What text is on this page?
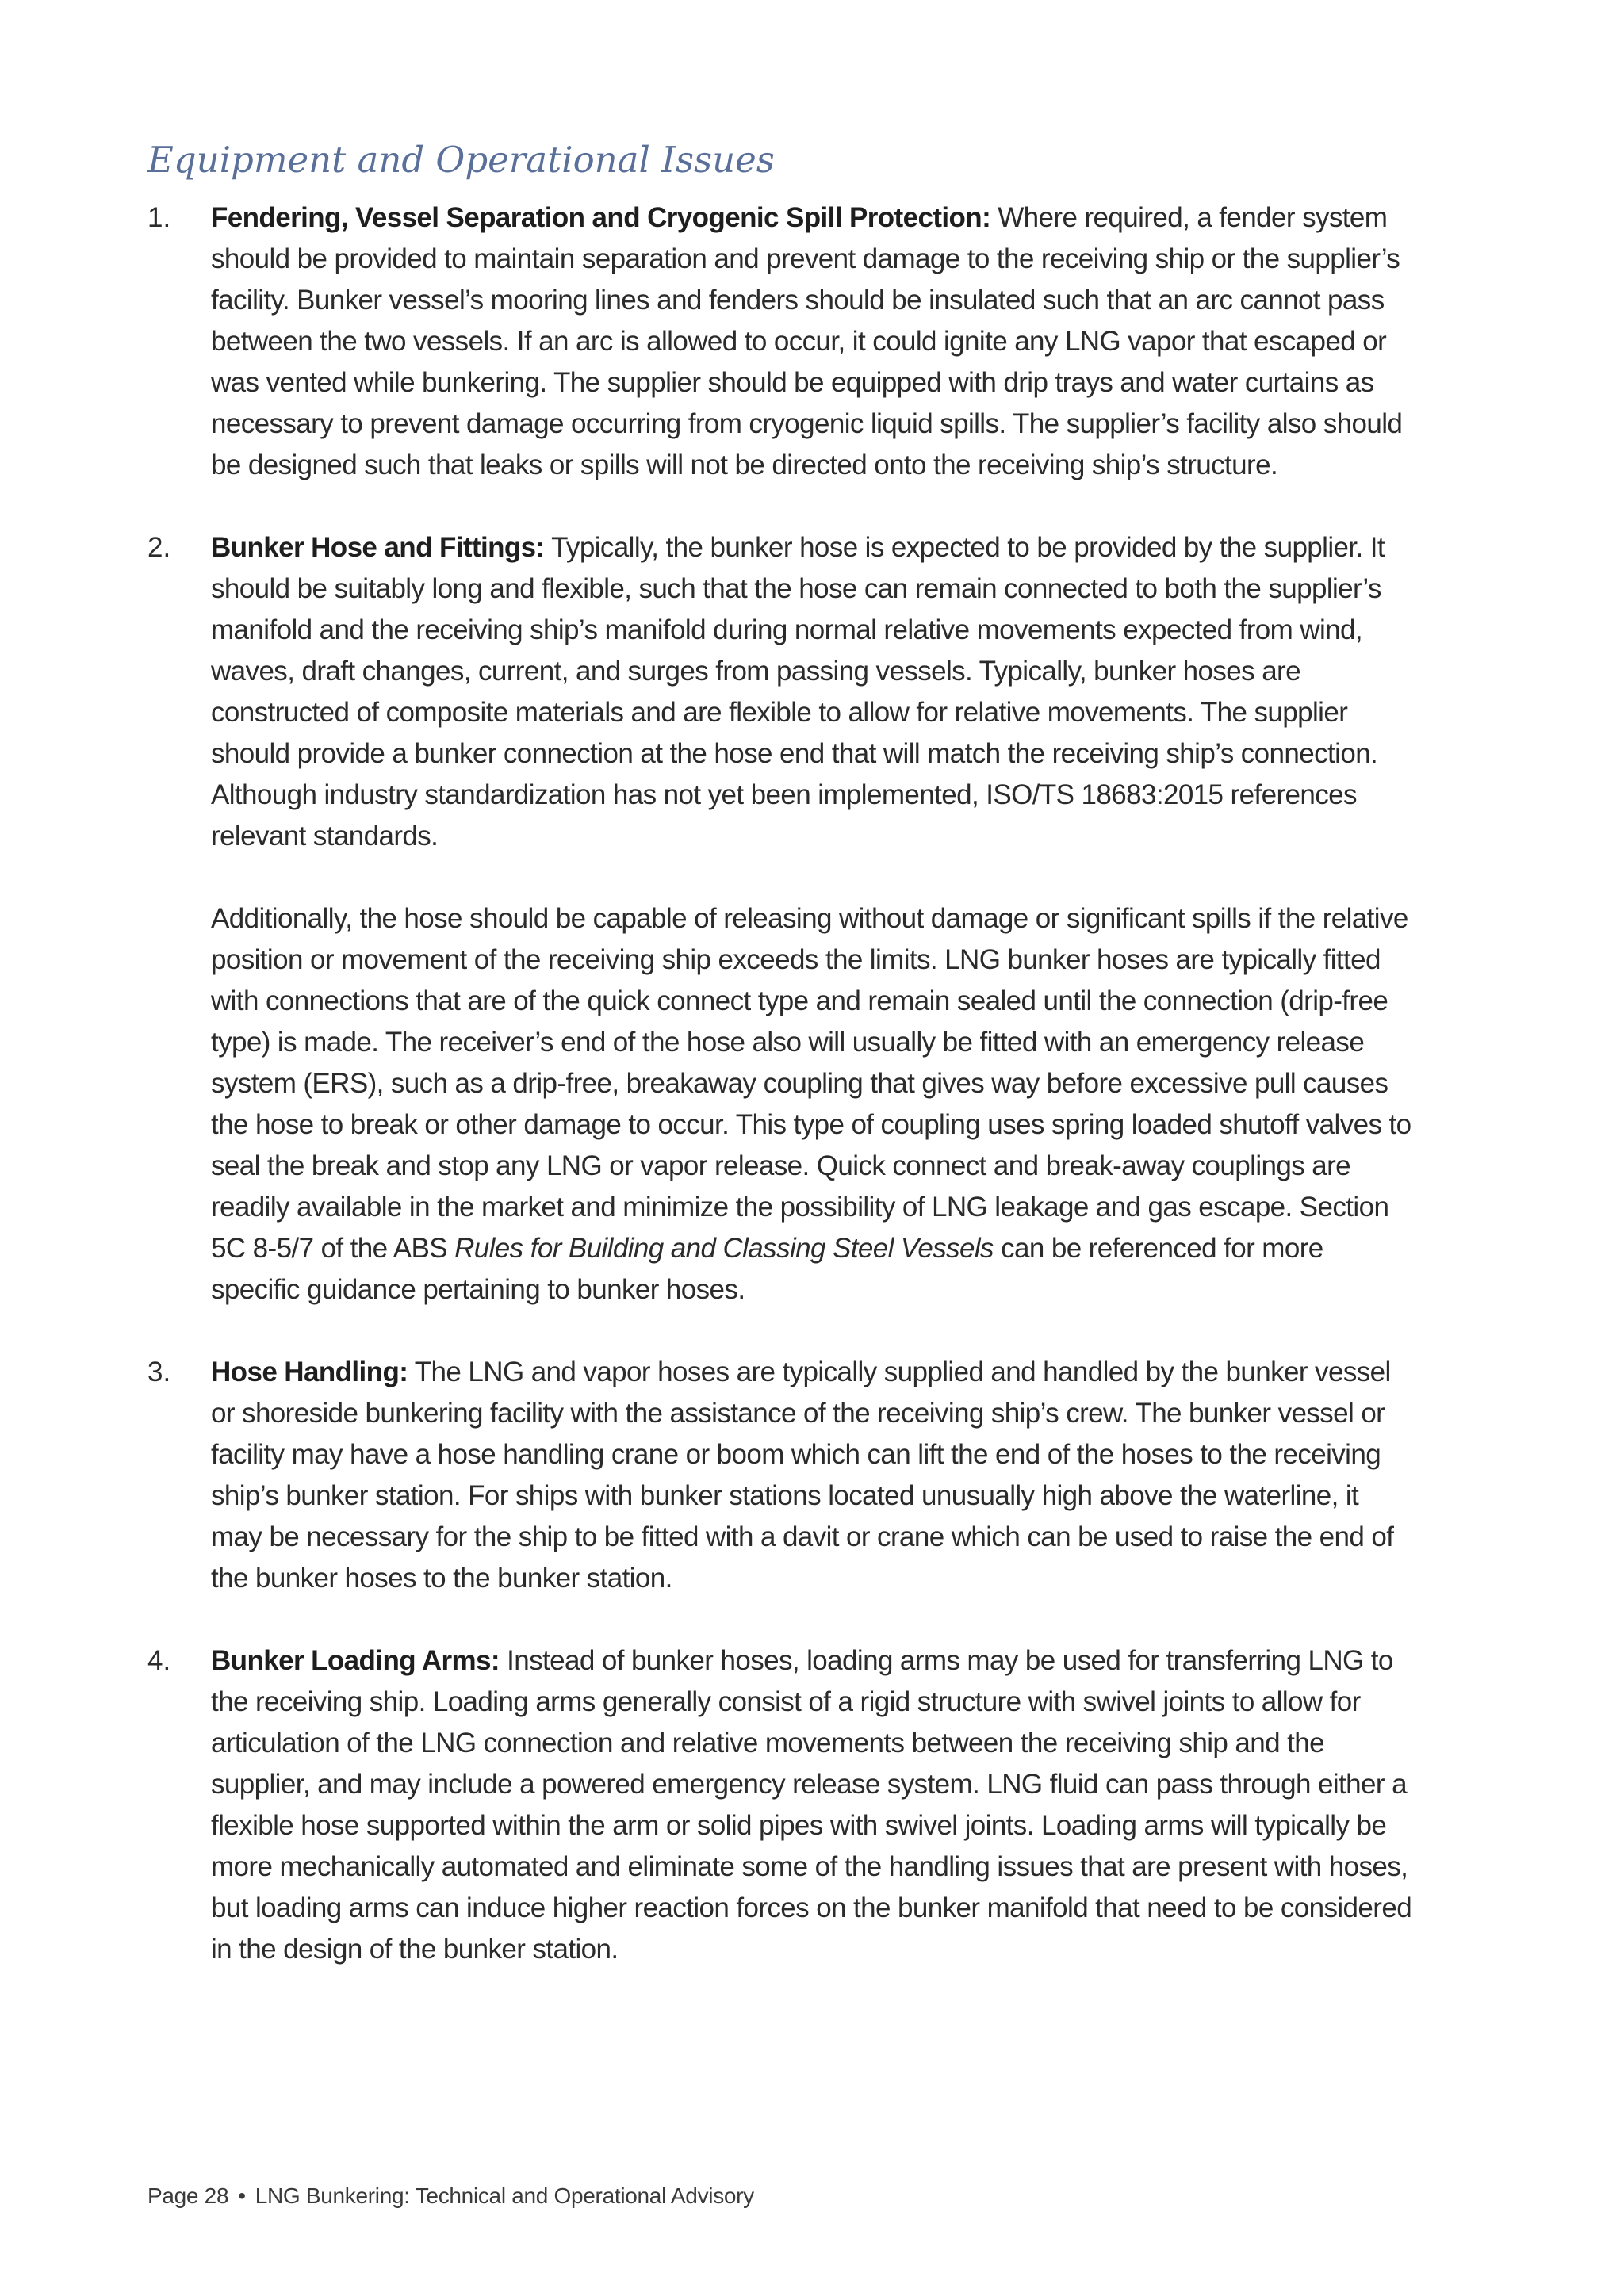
Equipment and Operational Issues
1. Fendering, Vessel Separation and Cryogenic Spill Protection: Where required, a fender system should be provided to maintain separation and prevent damage to the receiving ship or the supplier’s facility. Bunker vessel’s mooring lines and fenders should be insulated such that an arc cannot pass between the two vessels. If an arc is allowed to occur, it could ignite any LNG vapor that escaped or was vented while bunkering. The supplier should be equipped with drip trays and water curtains as necessary to prevent damage occurring from cryogenic liquid spills. The supplier’s facility also should be designed such that leaks or spills will not be directed onto the receiving ship’s structure.

2. Bunker Hose and Fittings: Typically, the bunker hose is expected to be provided by the supplier. It should be suitably long and flexible, such that the hose can remain connected to both the supplier’s manifold and the receiving ship’s manifold during normal relative movements expected from wind, waves, draft changes, current, and surges from passing vessels. Typically, bunker hoses are constructed of composite materials and are flexible to allow for relative movements. The supplier should provide a bunker connection at the hose end that will match the receiving ship’s connection. Although industry standardization has not yet been implemented, ISO/TS 18683:2015 references relevant standards.

Additionally, the hose should be capable of releasing without damage or significant spills if the relative position or movement of the receiving ship exceeds the limits. LNG bunker hoses are typically fitted with connections that are of the quick connect type and remain sealed until the connection (drip-free type) is made. The receiver’s end of the hose also will usually be fitted with an emergency release system (ERS), such as a drip-free, breakaway coupling that gives way before excessive pull causes the hose to break or other damage to occur. This type of coupling uses spring loaded shutoff valves to seal the break and stop any LNG or vapor release. Quick connect and break-away couplings are readily available in the market and minimize the possibility of LNG leakage and gas escape. Section 5C 8-5/7 of the ABS Rules for Building and Classing Steel Vessels can be referenced for more specific guidance pertaining to bunker hoses.

3. Hose Handling: The LNG and vapor hoses are typically supplied and handled by the bunker vessel or shoreside bunkering facility with the assistance of the receiving ship’s crew. The bunker vessel or facility may have a hose handling crane or boom which can lift the end of the hoses to the receiving ship’s bunker station. For ships with bunker stations located unusually high above the waterline, it may be necessary for the ship to be fitted with a davit or crane which can be used to raise the end of the bunker hoses to the bunker station.

4. Bunker Loading Arms: Instead of bunker hoses, loading arms may be used for transferring LNG to the receiving ship. Loading arms generally consist of a rigid structure with swivel joints to allow for articulation of the LNG connection and relative movements between the receiving ship and the supplier, and may include a powered emergency release system. LNG fluid can pass through either a flexible hose supported within the arm or solid pipes with swivel joints. Loading arms will typically be more mechanically automated and eliminate some of the handling issues that are present with hoses, but loading arms can induce higher reaction forces on the bunker manifold that need to be considered in the design of the bunker station.

Page 28 • LNG Bunkering: Technical and Operational Advisory
